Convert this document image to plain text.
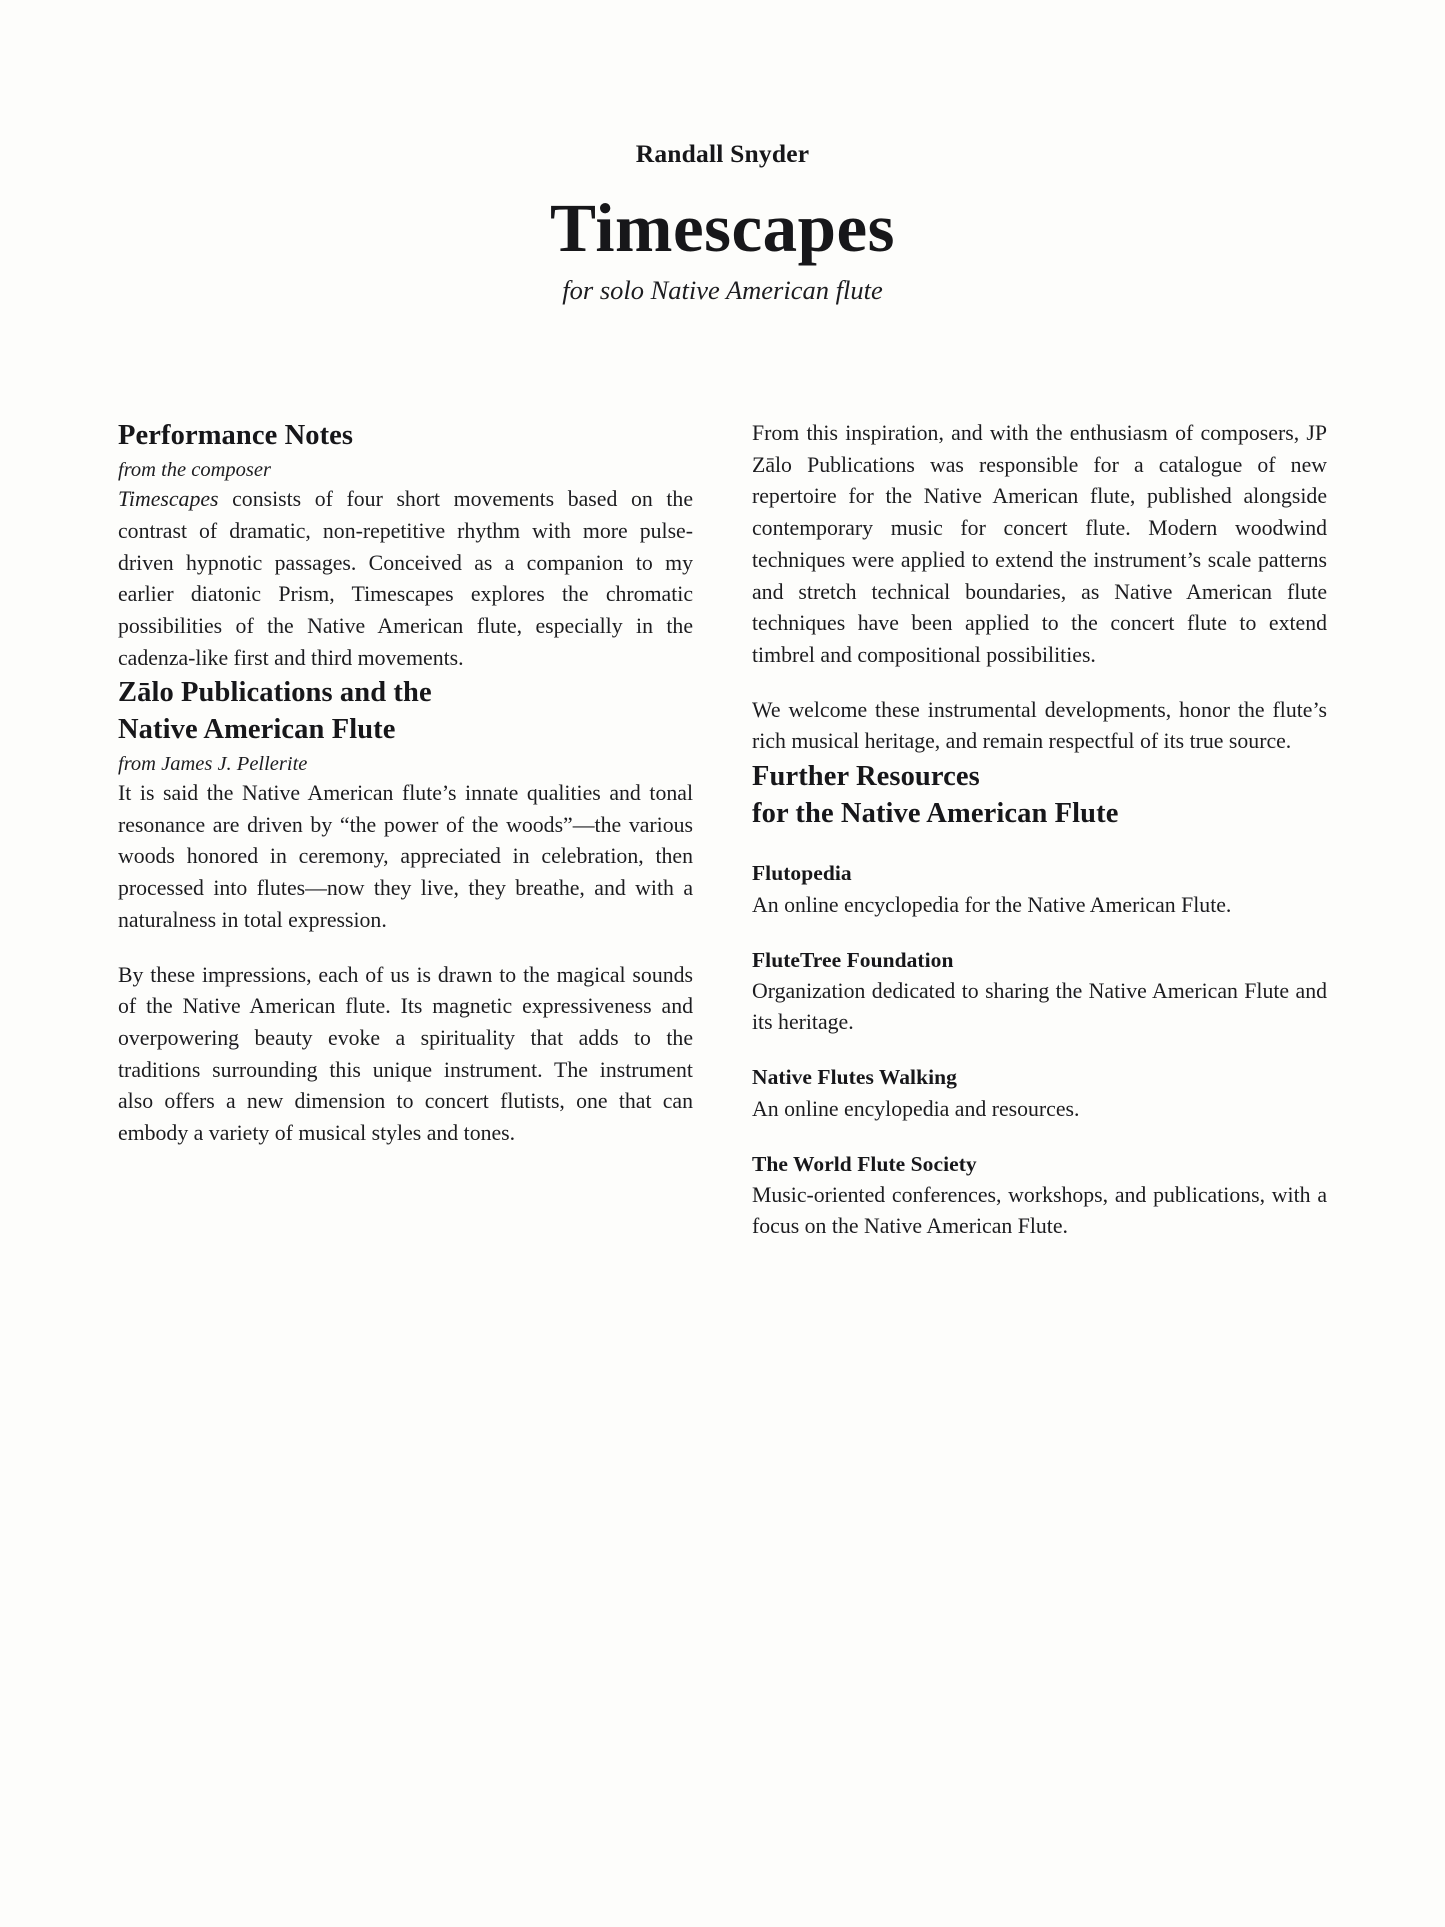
Randall Snyder
Timescapes
for solo Native American flute
Performance Notes
from the composer

Timescapes consists of four short movements based on the contrast of dramatic, non-repetitive rhythm with more pulse-driven hypnotic passages. Conceived as a companion to my earlier diatonic Prism, Timescapes explores the chromatic possibilities of the Native American flute, especially in the cadenza-like first and third movements.

Zālo Publications and the
Native American Flute
from James J. Pellerite

It is said the Native American flute’s innate qualities and tonal resonance are driven by “the power of the woods”—the various woods honored in ceremony, appreciated in celebration, then processed into flutes—now they live, they breathe, and with a naturalness in total expression.

By these impressions, each of us is drawn to the magical sounds of the Native American flute. Its magnetic expressiveness and overpowering beauty evoke a spirituality that adds to the traditions surrounding this unique instrument. The instrument also offers a new dimension to concert flutists, one that can embody a variety of musical styles and tones.

From this inspiration, and with the enthusiasm of composers, JP Zālo Publications was responsible for a catalogue of new repertoire for the Native American flute, published alongside contemporary music for concert flute. Modern woodwind techniques were applied to extend the instrument’s scale patterns and stretch technical boundaries, as Native American flute techniques have been applied to the concert flute to extend timbrel and compositional possibilities.

We welcome these instrumental developments, honor the flute’s rich musical heritage, and remain respectful of its true source.

Further Resources
for the Native American Flute
Flutopedia
An online encyclopedia for the Native American Flute.
FluteTree Foundation
Organization dedicated to sharing the Native American Flute and its heritage.
Native Flutes Walking
An online encylopedia and resources.
The World Flute Society
Music-oriented conferences, workshops, and publications, with a focus on the Native American Flute.
